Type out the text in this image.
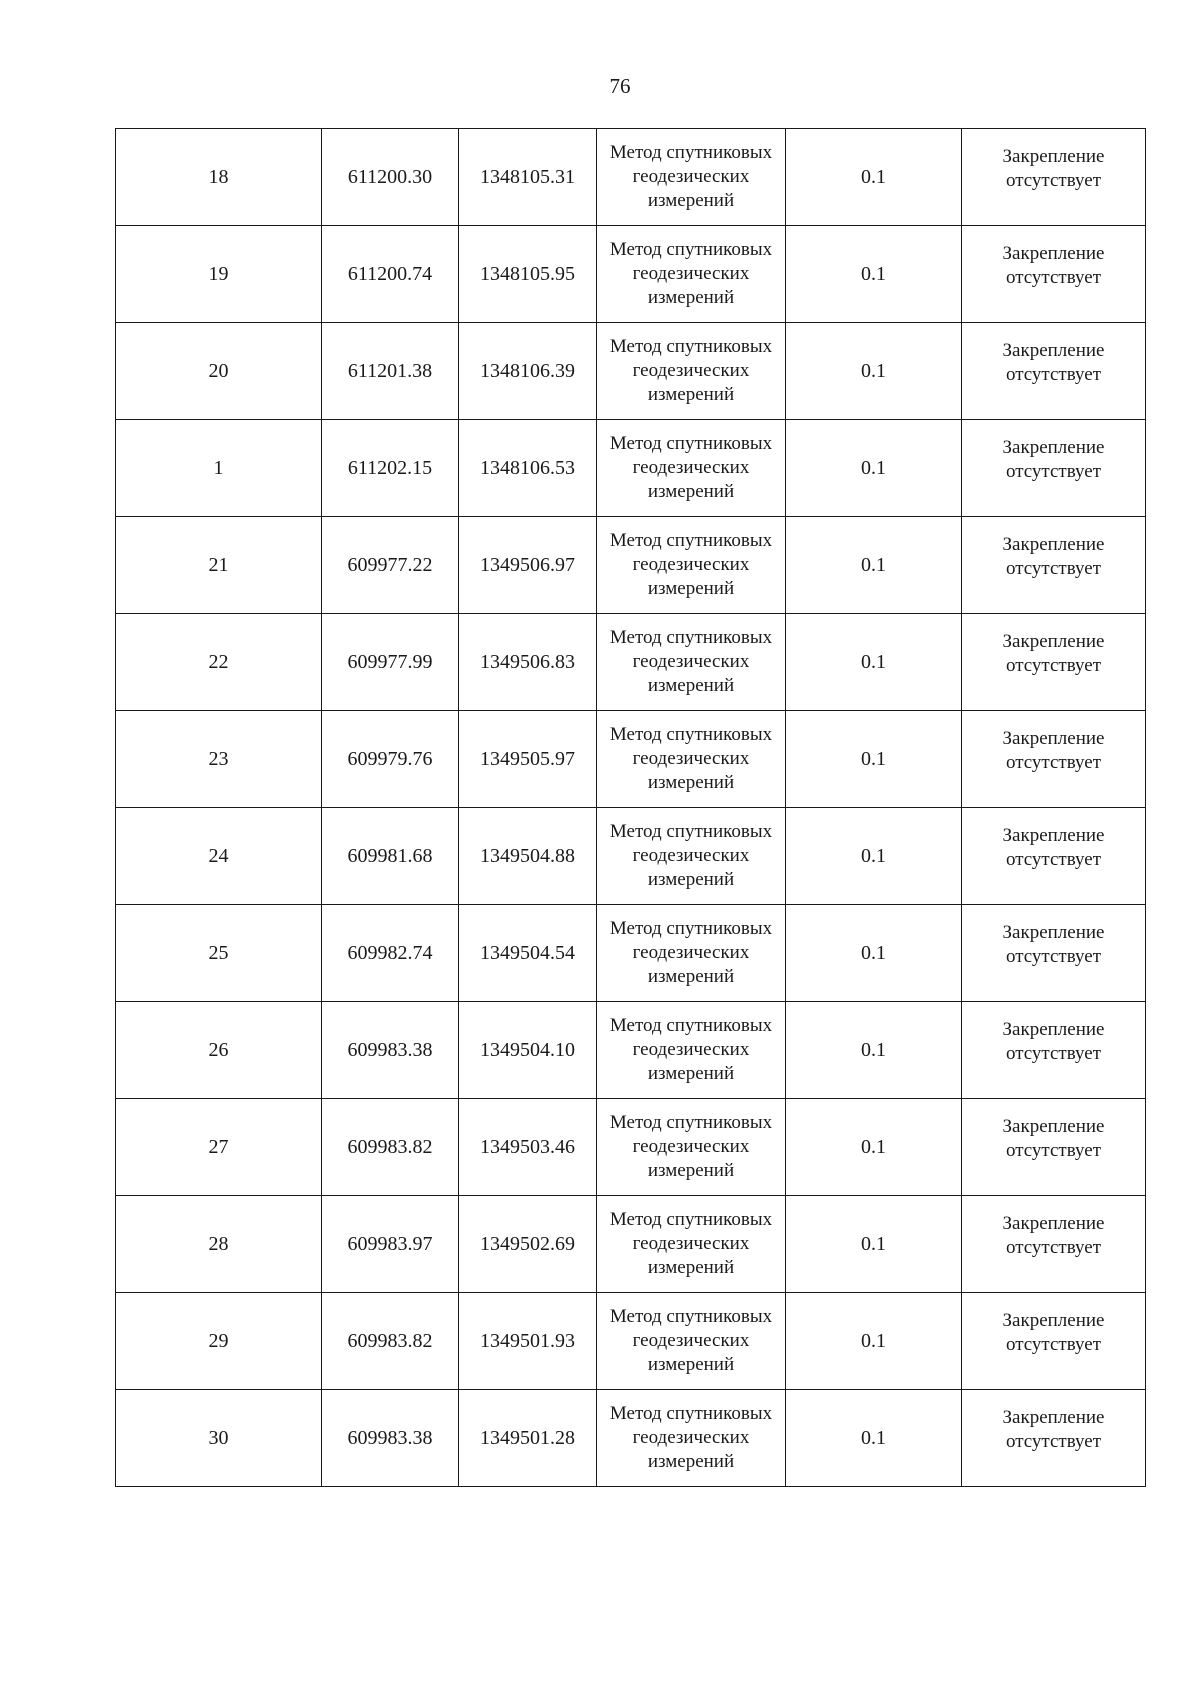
76
18	611200.30	1348105.31	Метод спутниковых геодезических измерений	0.1	Закрепление отсутствует

19	611200.74	1348105.95	Метод спутниковых геодезических измерений	0.1	Закрепление отсутствует

20	611201.38	1348106.39	Метод спутниковых геодезических измерений	0.1	Закрепление отсутствует

1	611202.15	1348106.53	Метод спутниковых геодезических измерений	0.1	Закрепление отсутствует

21	609977.22	1349506.97	Метод спутниковых геодезических измерений	0.1	Закрепление отсутствует

22	609977.99	1349506.83	Метод спутниковых геодезических измерений	0.1	Закрепление отсутствует

23	609979.76	1349505.97	Метод спутниковых геодезических измерений	0.1	Закрепление отсутствует

24	609981.68	1349504.88	Метод спутниковых геодезических измерений	0.1	Закрепление отсутствует

25	609982.74	1349504.54	Метод спутниковых геодезических измерений	0.1	Закрепление отсутствует

26	609983.38	1349504.10	Метод спутниковых геодезических измерений	0.1	Закрепление отсутствует

27	609983.82	1349503.46	Метод спутниковых геодезических измерений	0.1	Закрепление отсутствует

28	609983.97	1349502.69	Метод спутниковых геодезических измерений	0.1	Закрепление отсутствует

29	609983.82	1349501.93	Метод спутниковых геодезических измерений	0.1	Закрепление отсутствует

30	609983.38	1349501.28	Метод спутниковых геодезических измерений	0.1	Закрепление отсутствует
